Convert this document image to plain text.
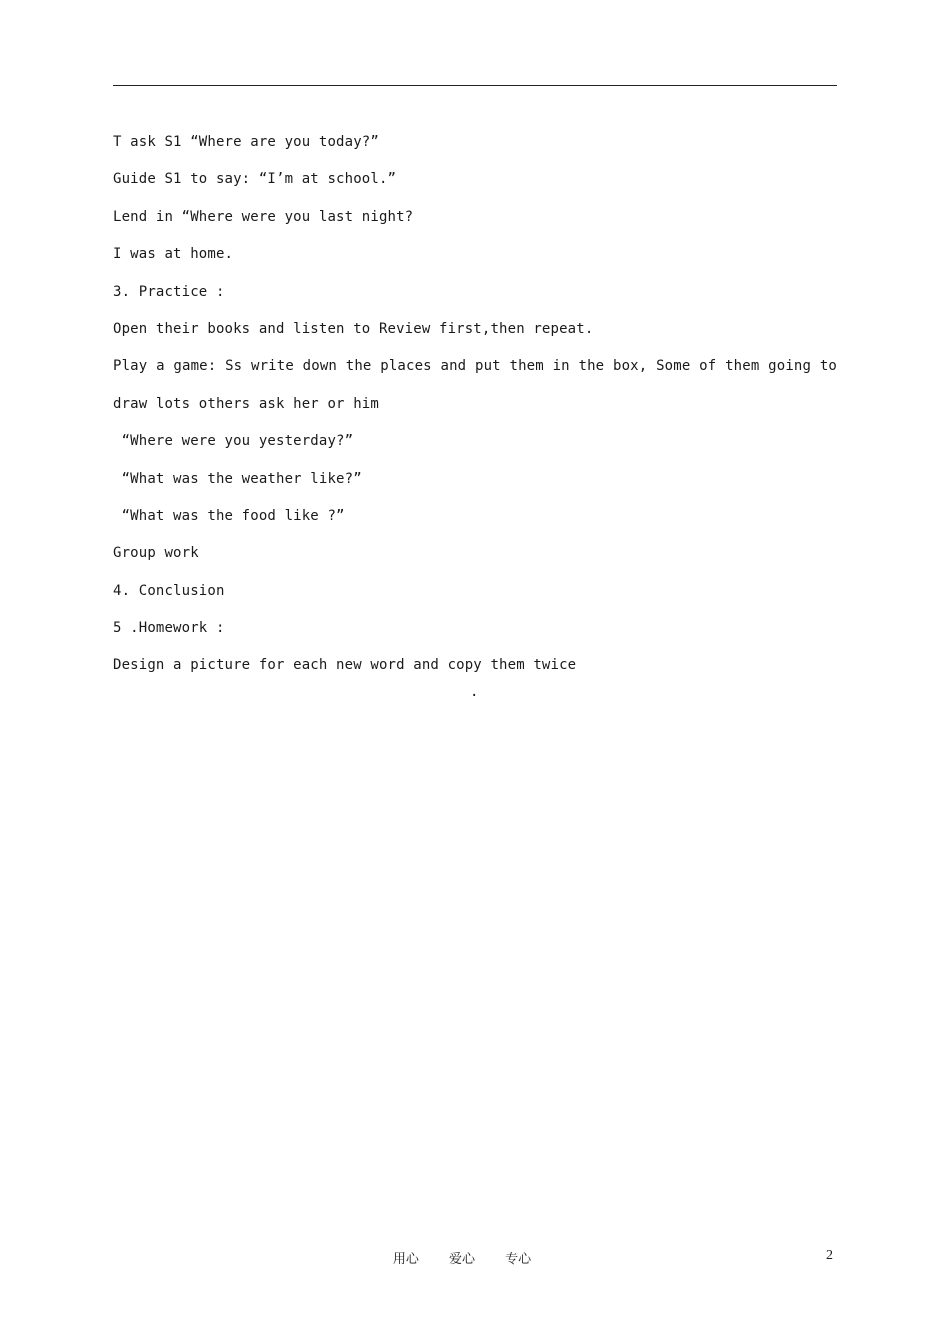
T ask S1 “Where are you today?”
Guide S1 to say: “I’m at school.”
Lend in “Where were you last night?
I was at home.
3. Practice :
Open their books and listen to Review first,then repeat.
Play a game: Ss write down the places and put them in the box, Some of them going to
draw lots others ask her or him
“Where were you yesterday?”
“What was the weather like?”
“What was the food like ?”
Group work
4. Conclusion
5 .Homework :
Design a picture for each new word and copy them twice
.
用心 爱心 专心	2
